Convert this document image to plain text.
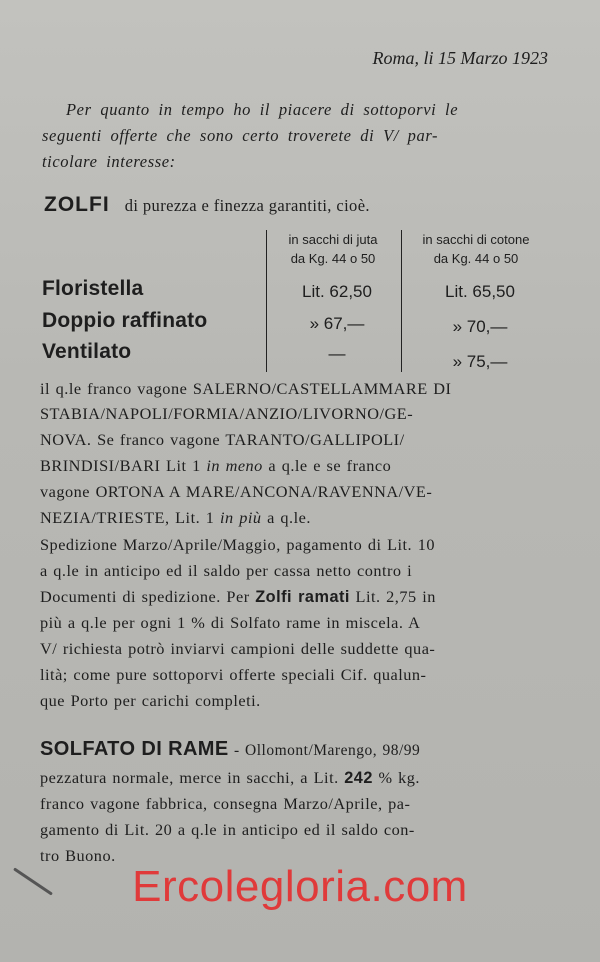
Roma, li 15 Marzo 1923
Per quanto in tempo ho il piacere di sottoporvi le
seguenti offerte che sono certo troverete di V/ par-
ticolare interesse:
ZOLFI di purezza e finezza garantiti, cioè.
in sacchi di juta
da Kg. 44 o 50
in sacchi di cotone
da Kg. 44 o 50
Floristella	Lit. 62,50	Lit. 65,50
Doppio raffinato	» 67,—	» 70,—
Ventilato	—	» 75,—
il q.le franco vagone SALERNO/CASTELLAMMARE DI
STABIA/NAPOLI/FORMIA/ANZIO/LIVORNO/GE-
NOVA. Se franco vagone TARANTO/GALLIPOLI/
BRINDISI/BARI Lit 1 in meno a q.le e se franco
vagone ORTONA A MARE/ANCONA/RAVENNA/VE-
NEZIA/TRIESTE, Lit. 1 in più a q.le.
Spedizione Marzo/Aprile/Maggio, pagamento di Lit. 10
a q.le in anticipo ed il saldo per cassa netto contro i
Documenti di spedizione. Per Zolfi ramati Lit. 2,75 in
più a q.le per ogni 1 % di Solfato rame in miscela. A
V/ richiesta potrò inviarvi campioni delle suddette qua-
lità; come pure sottoporvi offerte speciali Cif. qualun-
que Porto per carichi completi.
SOLFATO DI RAME - Ollomont/Marengo, 98/99
pezzatura normale, merce in sacchi, a Lit. 242 % kg.
franco vagone fabbrica, consegna Marzo/Aprile, pa-
gamento di Lit. 20 a q.le in anticipo ed il saldo con-
tro Buono.
Ercolegloria.com
